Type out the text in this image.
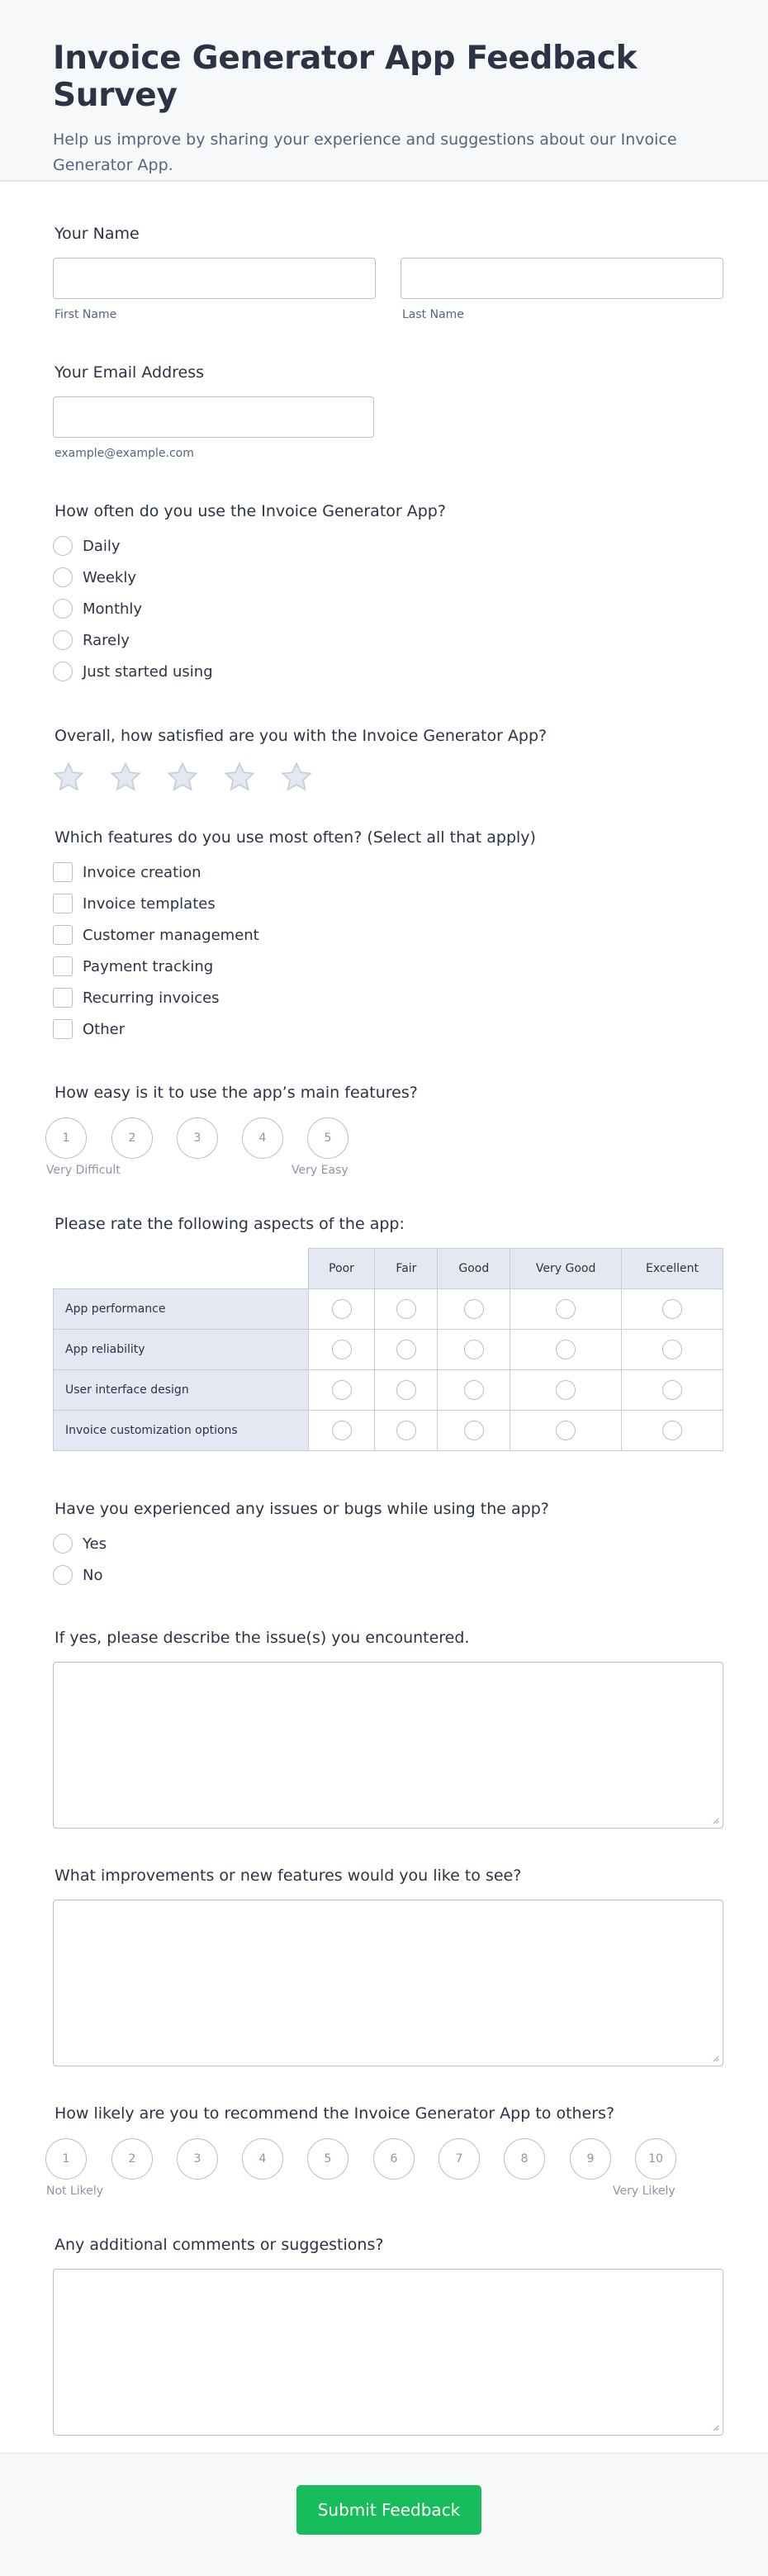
Invoice Generator App Feedback Survey

Help us improve by sharing your experience and suggestions about our Invoice Generator App.

Your Name
First Name	Last Name
Your Email Address
example@example.com
How often do you use the Invoice Generator App?
Daily
Weekly
Monthly
Rarely
Just started using
Overall, how satisfied are you with the Invoice Generator App?
Which features do you use most often? (Select all that apply)
Invoice creation
Invoice templates
Customer management
Payment tracking
Recurring invoices
Other
How easy is it to use the app’s main features?
1	2	3	4	5
Very Difficult	Very Easy
Please rate the following aspects of the app:
	Poor	Fair	Good	Very Good	Excellent
App performance					
App reliability					
User interface design					
Invoice customization options					
Have you experienced any issues or bugs while using the app?
Yes
No
If yes, please describe the issue(s) you encountered.
What improvements or new features would you like to see?
How likely are you to recommend the Invoice Generator App to others?
1	2	3	4	5	6	7	8	9	10
Not Likely	Very Likely
Any additional comments or suggestions?
Submit Feedback
